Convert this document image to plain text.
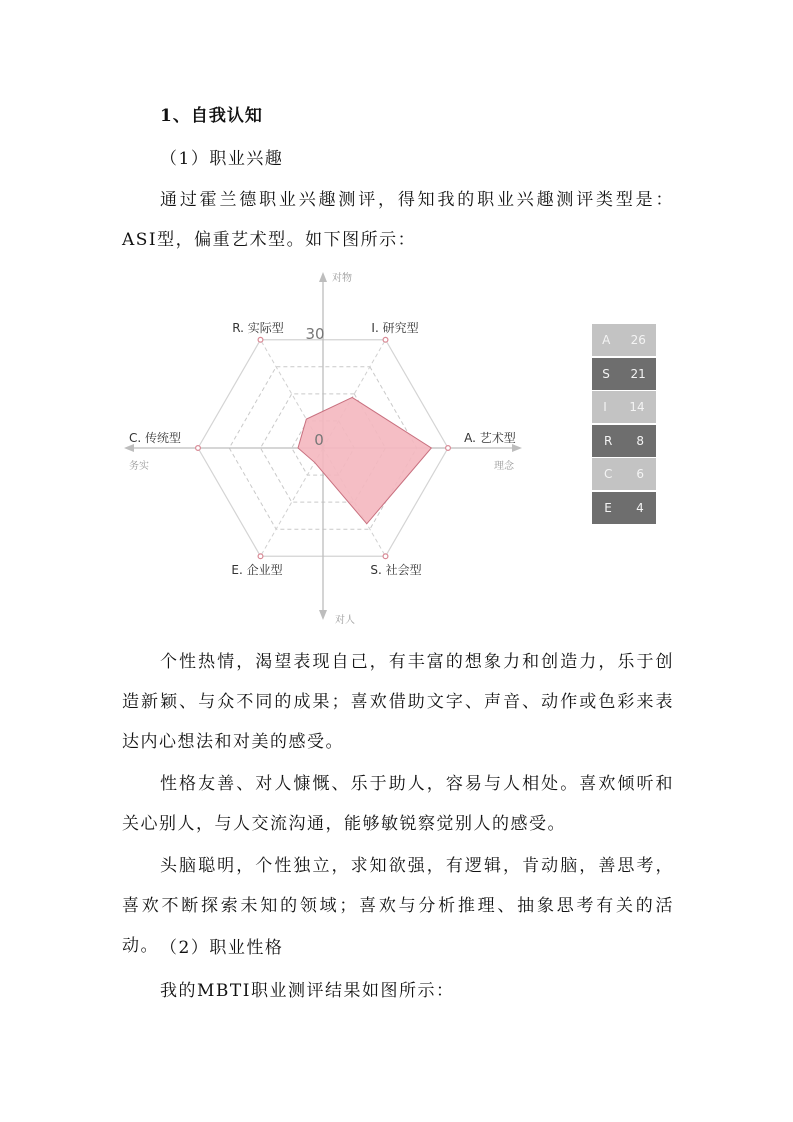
1、自我认知
（1）职业兴趣
通过霍兰德职业兴趣测评，得知我的职业兴趣测评类型是：ASI型，偏重艺术型。如下图所示：
I. 研究型
A. 艺术型
S. 社会型
E. 企业型
C. 传统型
R. 实际型 30
0
对物
对人
务实	理念
A 26
S 21
I 14
R 8
C 6
E 4
个性热情，渴望表现自己，有丰富的想象力和创造力，乐于创造新颖、与众不同的成果；喜欢借助文字、声音、动作或色彩来表达内心想法和对美的感受。
性格友善、对人慷慨、乐于助人，容易与人相处。喜欢倾听和关心别人，与人交流沟通，能够敏锐察觉别人的感受。
头脑聪明，个性独立，求知欲强，有逻辑，肯动脑，善思考，喜欢不断探索未知的领域；喜欢与分析推理、抽象思考有关的活动。 （2）职业性格
我的MBTI职业测评结果如图所示：
